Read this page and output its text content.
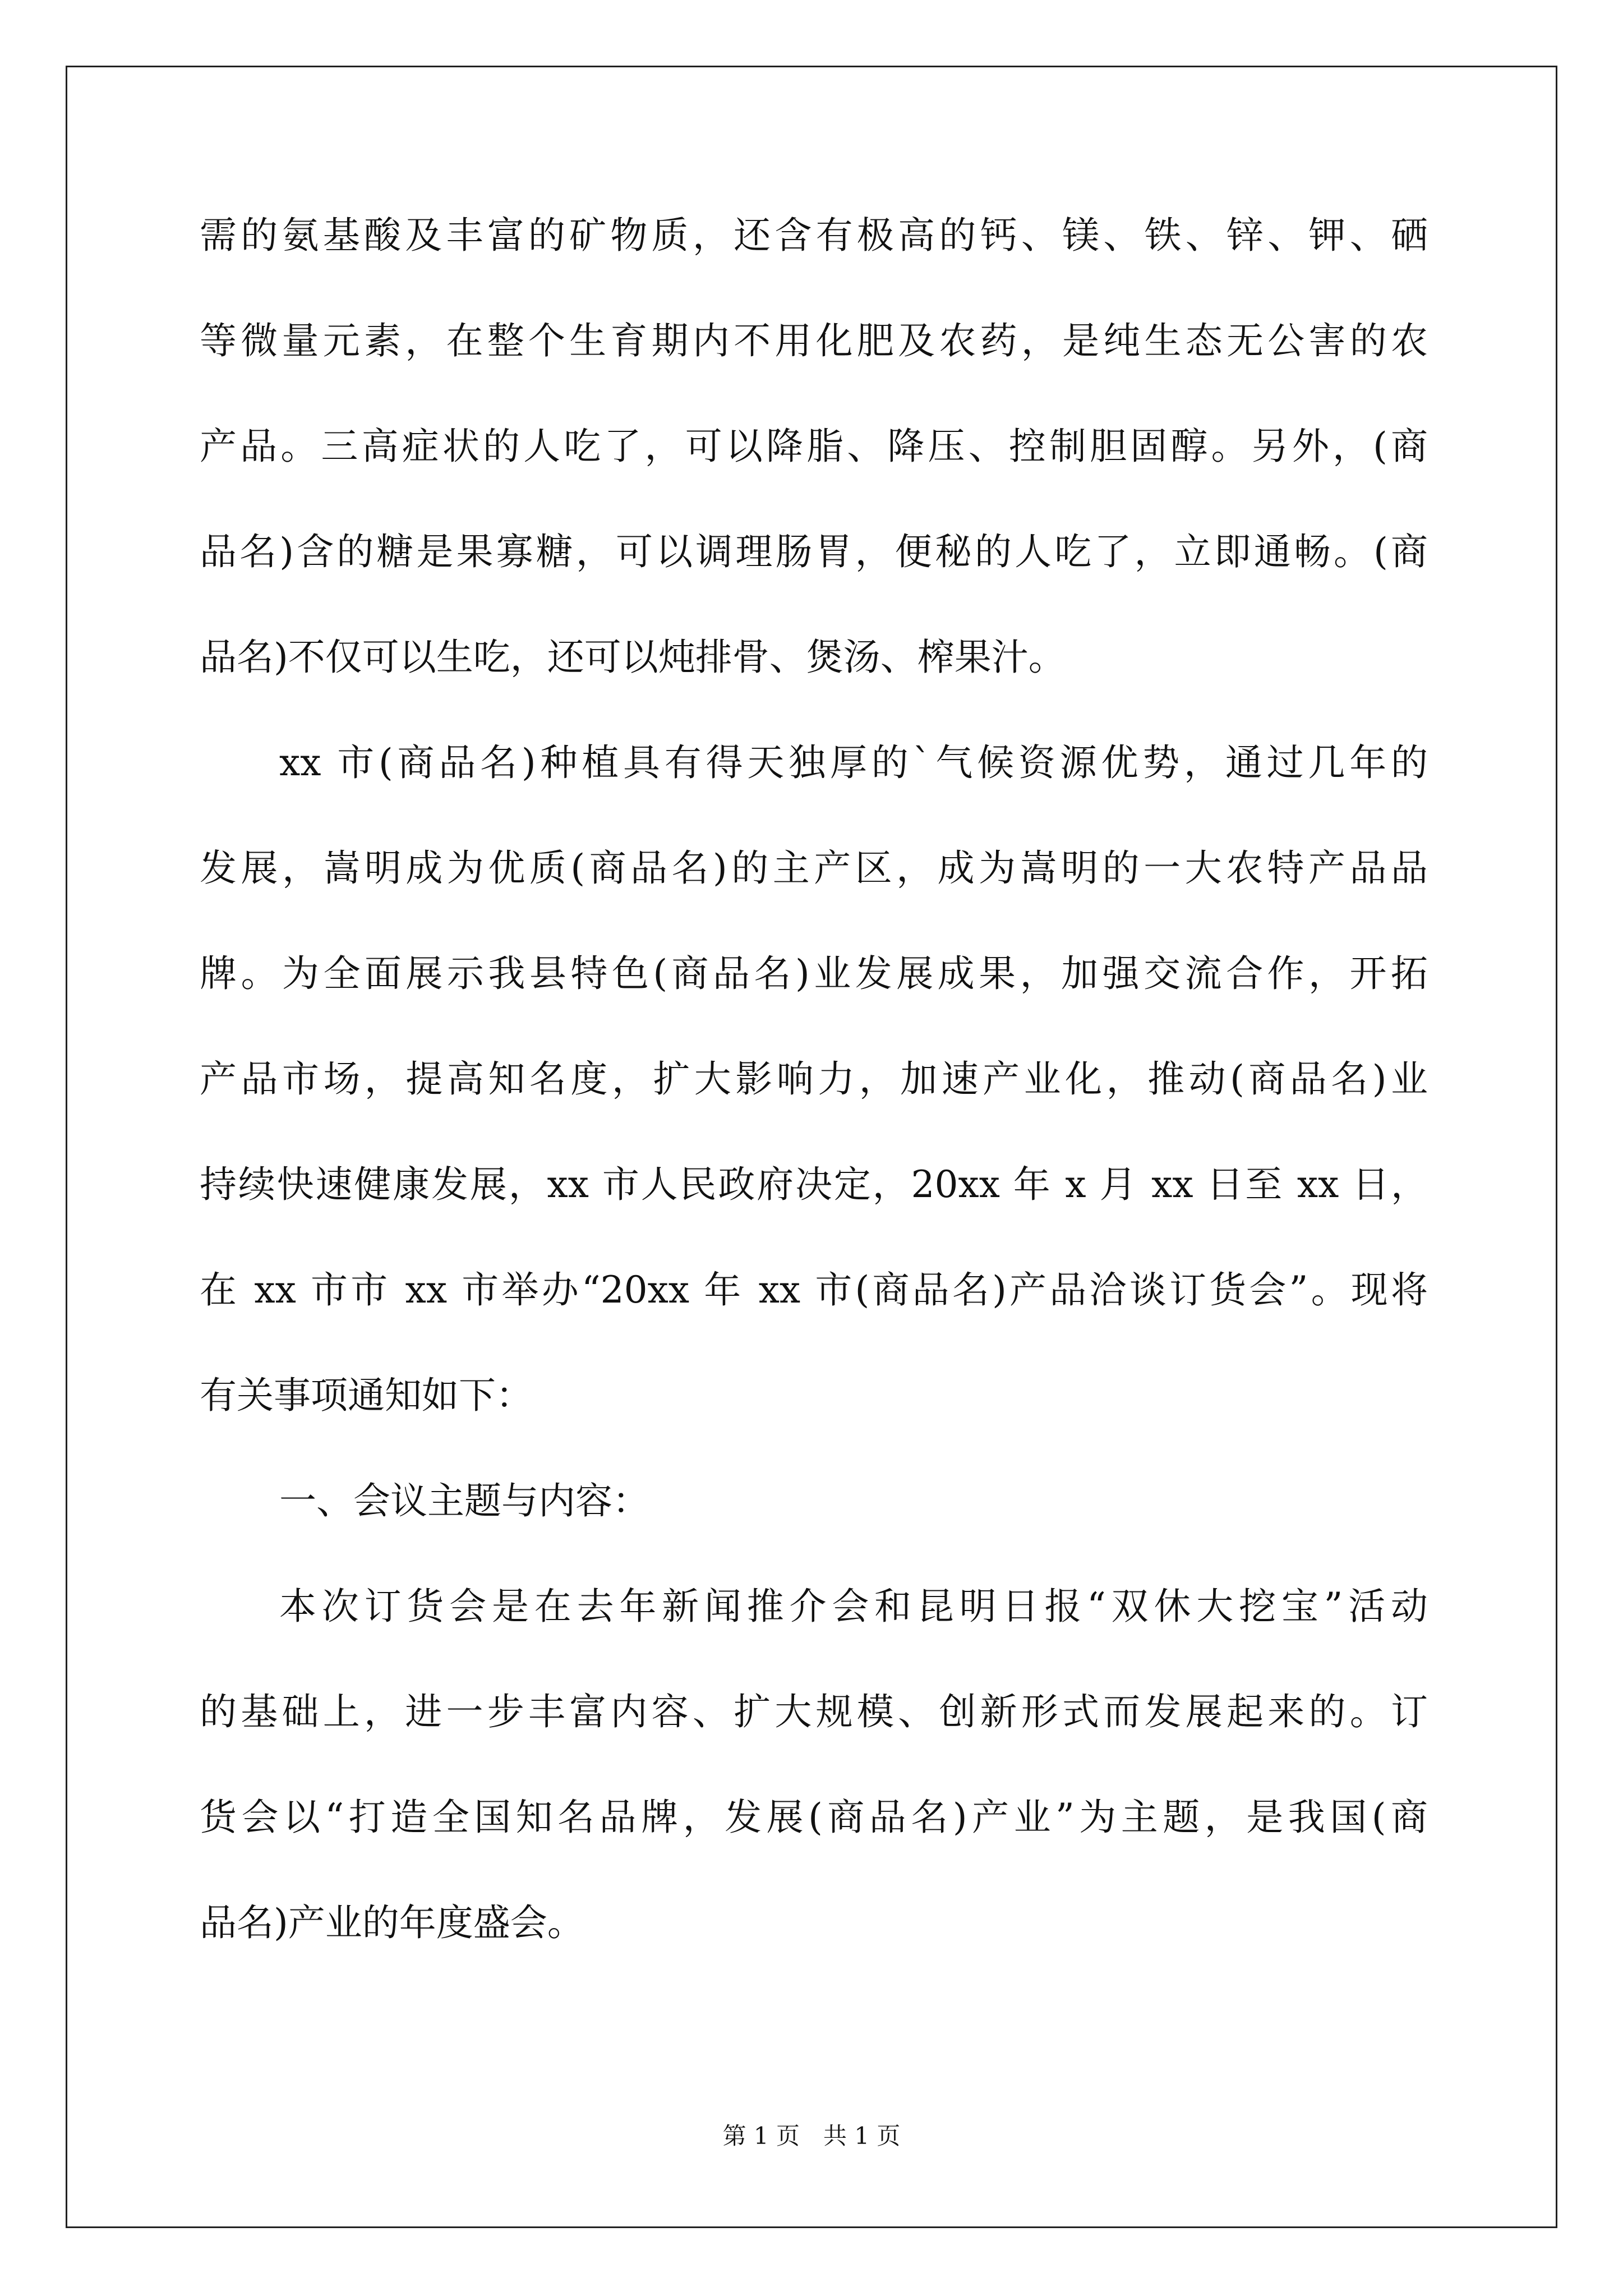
需的氨基酸及丰富的矿物质，还含有极高的钙、镁、铁、锌、钾、硒
等微量元素，在整个生育期内不用化肥及农药，是纯生态无公害的农
产品。三高症状的人吃了，可以降脂、降压、控制胆固醇。另外，(商
品名)含的糖是果寡糖，可以调理肠胃，便秘的人吃了，立即通畅。(商
品名)不仅可以生吃，还可以炖排骨、煲汤、榨果汁。
xx 市(商品名)种植具有得天独厚的`气候资源优势，通过几年的
发展，嵩明成为优质(商品名)的主产区，成为嵩明的一大农特产品品
牌。为全面展示我县特色(商品名)业发展成果，加强交流合作，开拓
产品市场，提高知名度，扩大影响力，加速产业化，推动(商品名)业
持续快速健康发展，xx 市人民政府决定，20xx 年 x 月 xx 日至 xx 日，
在 xx 市市 xx 市举办“20xx 年 xx 市(商品名)产品洽谈订货会”。现将
有关事项通知如下：
一、会议主题与内容：
本次订货会是在去年新闻推介会和昆明日报“双休大挖宝”活动
的基础上，进一步丰富内容、扩大规模、创新形式而发展起来的。订
货会以“打造全国知名品牌，发展(商品名)产业”为主题，是我国(商
品名)产业的年度盛会。
第 1 页　共 1 页
